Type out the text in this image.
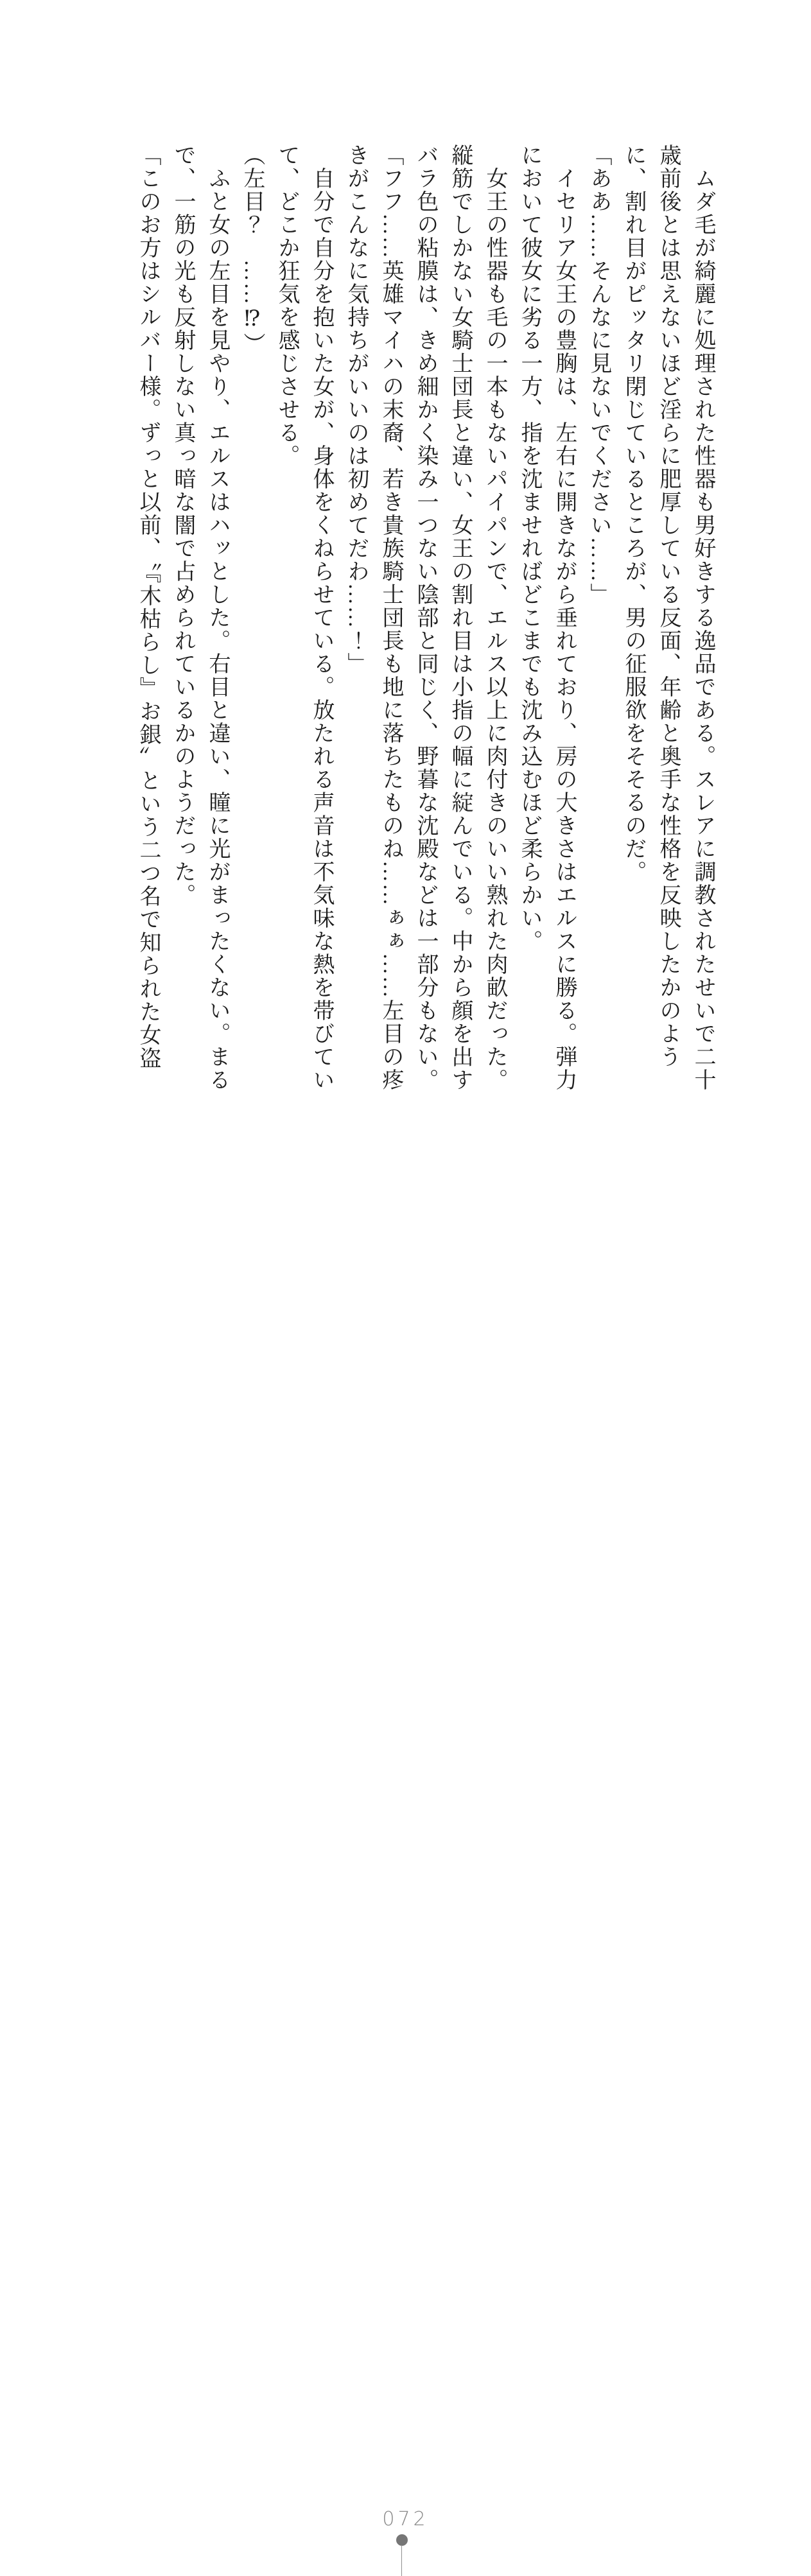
　ムダ毛が綺麗に処理された性器も男好きする逸品である。スレアに調教されたせいで二十歳前後とは思えないほど淫らに肥厚している反面、年齢と奥手な性格を反映したかのように、割れ目がピッタリ閉じているところが、男の征服欲をそそるのだ。

「ああ……そんなに見ないでください……」

　イセリア女王の豊胸は、左右に開きながら垂れており、房の大きさはエルスに勝る。弾力において彼女に劣る一方、指を沈ませればどこまでも沈み込むほど柔らかい。

　女王の性器も毛の一本もないパイパンで、エルス以上に肉付きのいい熟れた肉畝だった。縦筋でしかない女騎士団長と違い、女王の割れ目は小指の幅に綻んでいる。中から顔を出すバラ色の粘膜は、きめ細かく染み一つない陰部と同じく、野暮な沈殿などは一部分もない。

「フフ……英雄マイハの末裔、若き貴族騎士団長も地に落ちたものね……ぁぁ……左目の疼きがこんなに気持ちがいいのは初めてだわ……！」

　自分で自分を抱いた女が、身体をくねらせている。放たれる声音は不気味な熱を帯びていて、どこか狂気を感じさせる。

（左目？　……⁉）

　ふと女の左目を見やり、エルスはハッとした。右目と違い、瞳に光がまったくない。まるで、一筋の光も反射しない真っ暗な闇で占められているかのようだった。

「このお方はシルバー様。ずっと以前、〝『木枯らし』お銀〟という二つ名で知られた女盗

072
